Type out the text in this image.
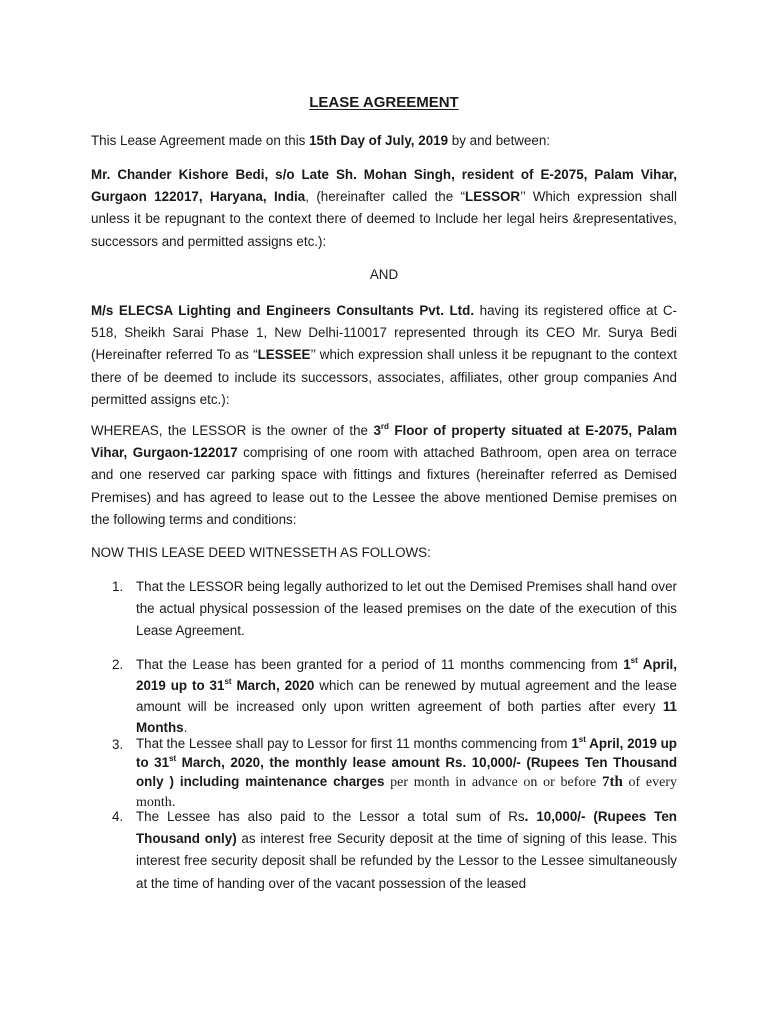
LEASE AGREEMENT
This Lease Agreement made on this 15th Day of July, 2019 by and between:
Mr. Chander Kishore Bedi, s/o Late Sh. Mohan Singh, resident of E-2075, Palam Vihar, Gurgaon 122017, Haryana, India, (hereinafter called the “LESSOR’’ Which expression shall unless it be repugnant to the context there of deemed to Include her legal heirs &representatives, successors and permitted assigns etc.):
AND
M/s ELECSA Lighting and Engineers Consultants Pvt. Ltd. having its registered office at C-518, Sheikh Sarai Phase 1, New Delhi-110017 represented through its CEO Mr. Surya Bedi (Hereinafter referred To as “LESSEE’’ which expression shall unless it be repugnant to the context there of be deemed to include its successors, associates, affiliates, other group companies And permitted assigns etc.):
WHEREAS, the LESSOR is the owner of the 3rd Floor of property situated at E-2075, Palam Vihar, Gurgaon-122017 comprising of one room with attached Bathroom, open area on terrace and one reserved car parking space with fittings and fixtures (hereinafter referred as Demised Premises) and has agreed to lease out to the Lessee the above mentioned Demise premises on the following terms and conditions:
NOW THIS LEASE DEED WITNESSETH AS FOLLOWS:
1. That the LESSOR being legally authorized to let out the Demised Premises shall hand over the actual physical possession of the leased premises on the date of the execution of this Lease Agreement.
2. That the Lease has been granted for a period of 11 months commencing from 1st April, 2019 up to 31st March, 2020 which can be renewed by mutual agreement and the lease amount will be increased only upon written agreement of both parties after every 11 Months.
3. That the Lessee shall pay to Lessor for first 11 months commencing from 1st April, 2019 up to 31st March, 2020, the monthly lease amount Rs. 10,000/- (Rupees Ten Thousand only ) including maintenance charges per month in advance on or before 7th of every month.
4. The Lessee has also paid to the Lessor a total sum of Rs. 10,000/- (Rupees Ten Thousand only) as interest free Security deposit at the time of signing of this lease. This interest free security deposit shall be refunded by the Lessor to the Lessee simultaneously at the time of handing over of the vacant possession of the leased
